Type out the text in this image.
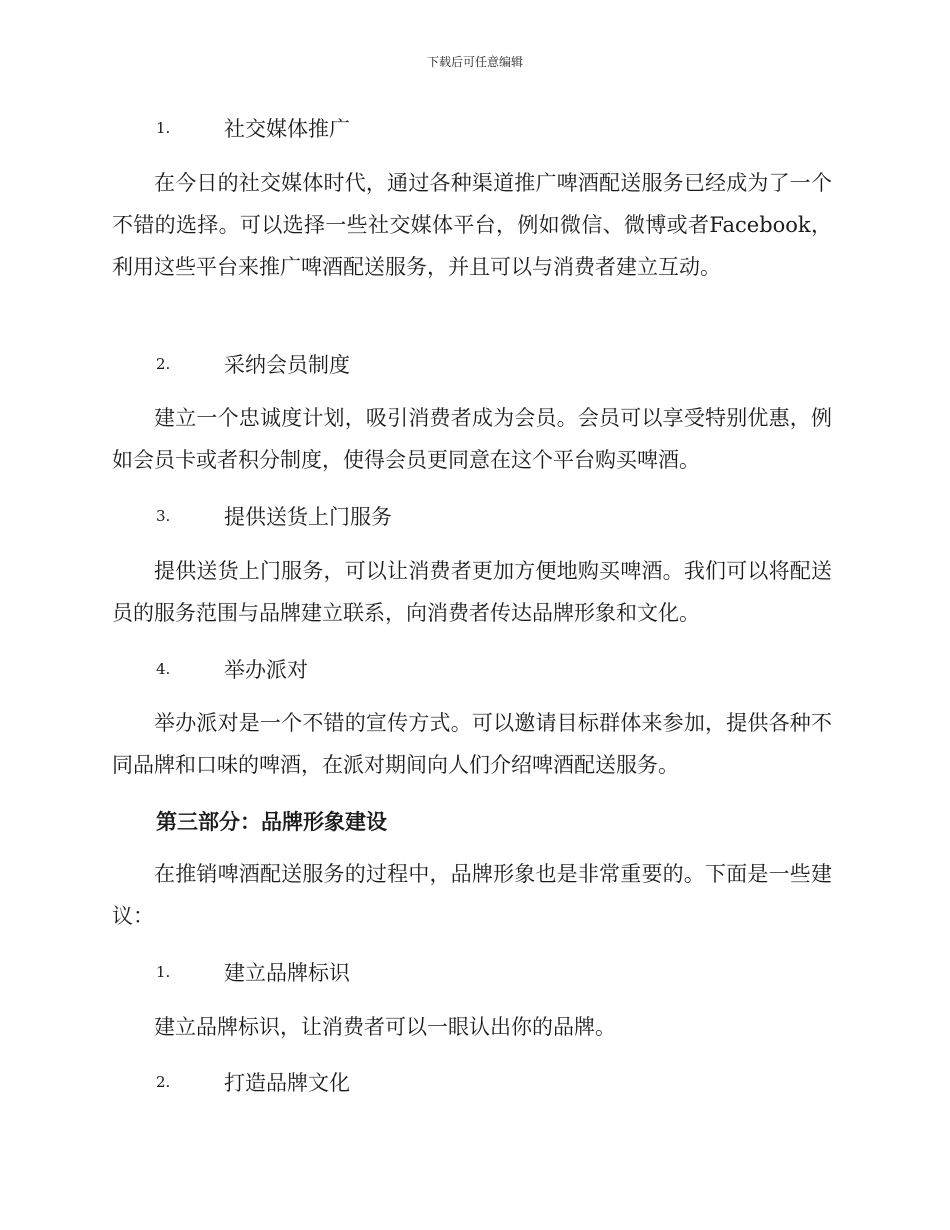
下载后可任意编辑
1.	社交媒体推广
在今日的社交媒体时代，通过各种渠道推广啤酒配送服务已经成为了一个不错的选择。可以选择一些社交媒体平台，例如微信、微博或者Facebook，利用这些平台来推广啤酒配送服务，并且可以与消费者建立互动。
2.	采纳会员制度
建立一个忠诚度计划，吸引消费者成为会员。会员可以享受特别优惠，例如会员卡或者积分制度，使得会员更同意在这个平台购买啤酒。
3.	提供送货上门服务
提供送货上门服务，可以让消费者更加方便地购买啤酒。我们可以将配送员的服务范围与品牌建立联系，向消费者传达品牌形象和文化。
4.	举办派对
举办派对是一个不错的宣传方式。可以邀请目标群体来参加，提供各种不同品牌和口味的啤酒，在派对期间向人们介绍啤酒配送服务。
第三部分：品牌形象建设
在推销啤酒配送服务的过程中，品牌形象也是非常重要的。下面是一些建议：
1.	建立品牌标识
建立品牌标识，让消费者可以一眼认出你的品牌。
2.	打造品牌文化
